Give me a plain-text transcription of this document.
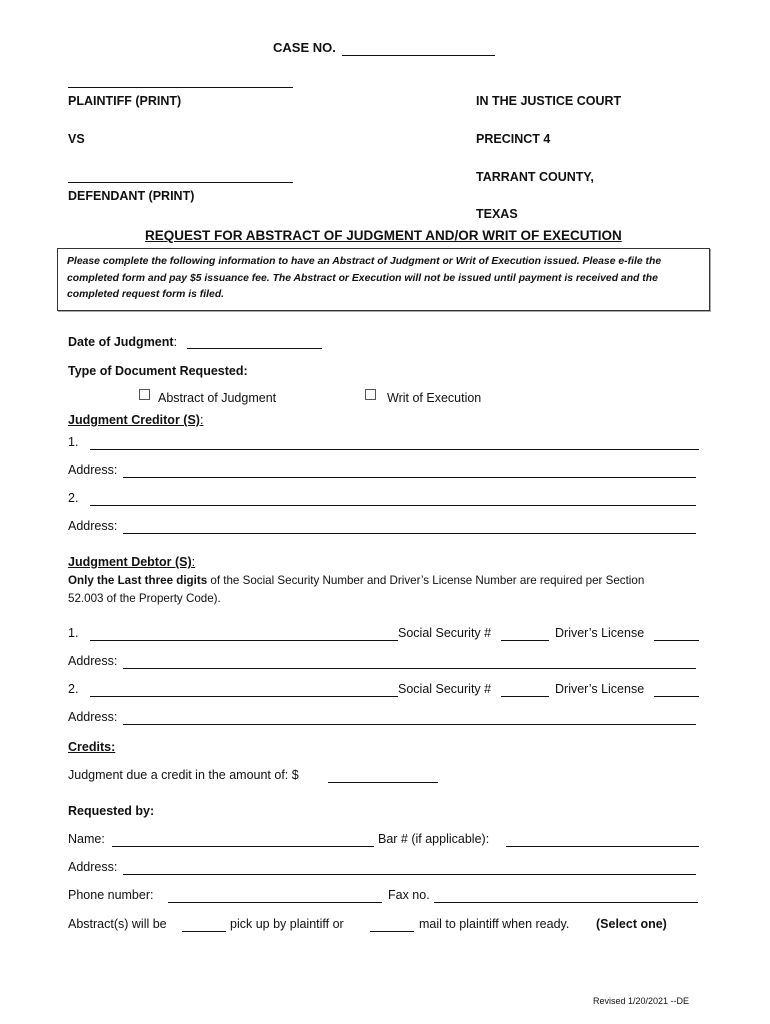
CASE NO.
PLAINTIFF (PRINT)
VS
DEFENDANT (PRINT)
IN THE JUSTICE COURT
PRECINCT 4
TARRANT COUNTY,
TEXAS
REQUEST FOR ABSTRACT OF JUDGMENT AND/OR WRIT OF EXECUTION
Please complete the following information to have an Abstract of Judgment or Writ of Execution issued. Please e-file the completed form and pay $5 issuance fee. The Abstract or Execution will not be issued until payment is received and the completed request form is filed.
Date of Judgment:
Type of Document Requested:
Abstract of Judgment	Writ of Execution
Judgment Creditor (S):
1.
Address:
2.
Address:
Judgment Debtor (S):
Only the Last three digits of the Social Security Number and Driver’s License Number are required per Section
52.003 of the Property Code).
1.	Social Security #	Driver’s License
Address:
2.	Social Security #	Driver’s License
Address:
Credits:
Judgment due a credit in the amount of: $
Requested by:
Name:	Bar # (if applicable):
Address:
Phone number:	Fax no.
Abstract(s) will be	pick up by plaintiff or	mail to plaintiff when ready. (Select one)
Revised 1/20/2021 --DE
